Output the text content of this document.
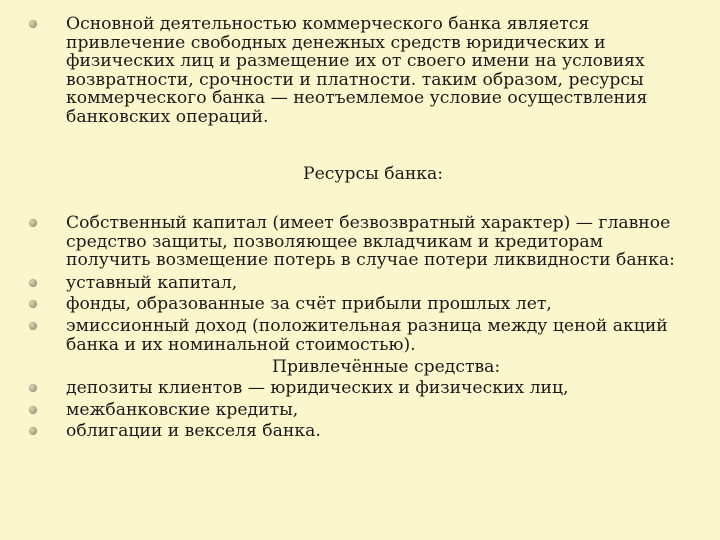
Основной деятельностью коммерческого банка является
привлечение свободных денежных средств юридических и
физических лиц и размещение их от своего имени на условиях
возвратности, срочности и платности. таким образом, ресурсы
коммерческого банка — неотъемлемое условие осуществления
банковских операций.
Ресурсы банка:
Собственный капитал (имеет безвозвратный характер) — главное
средство защиты, позволяющее вкладчикам и кредиторам
получить возмещение потерь в случае потери ликвидности банка:
уставный капитал,
фонды, образованные за счёт прибыли прошлых лет,
эмиссионный доход (положительная разница между ценой акций
банка и их номинальной стоимостью).
Привлечённые средства:
депозиты клиентов — юридических и физических лиц,
межбанковские кредиты,
облигации и векселя банка.
